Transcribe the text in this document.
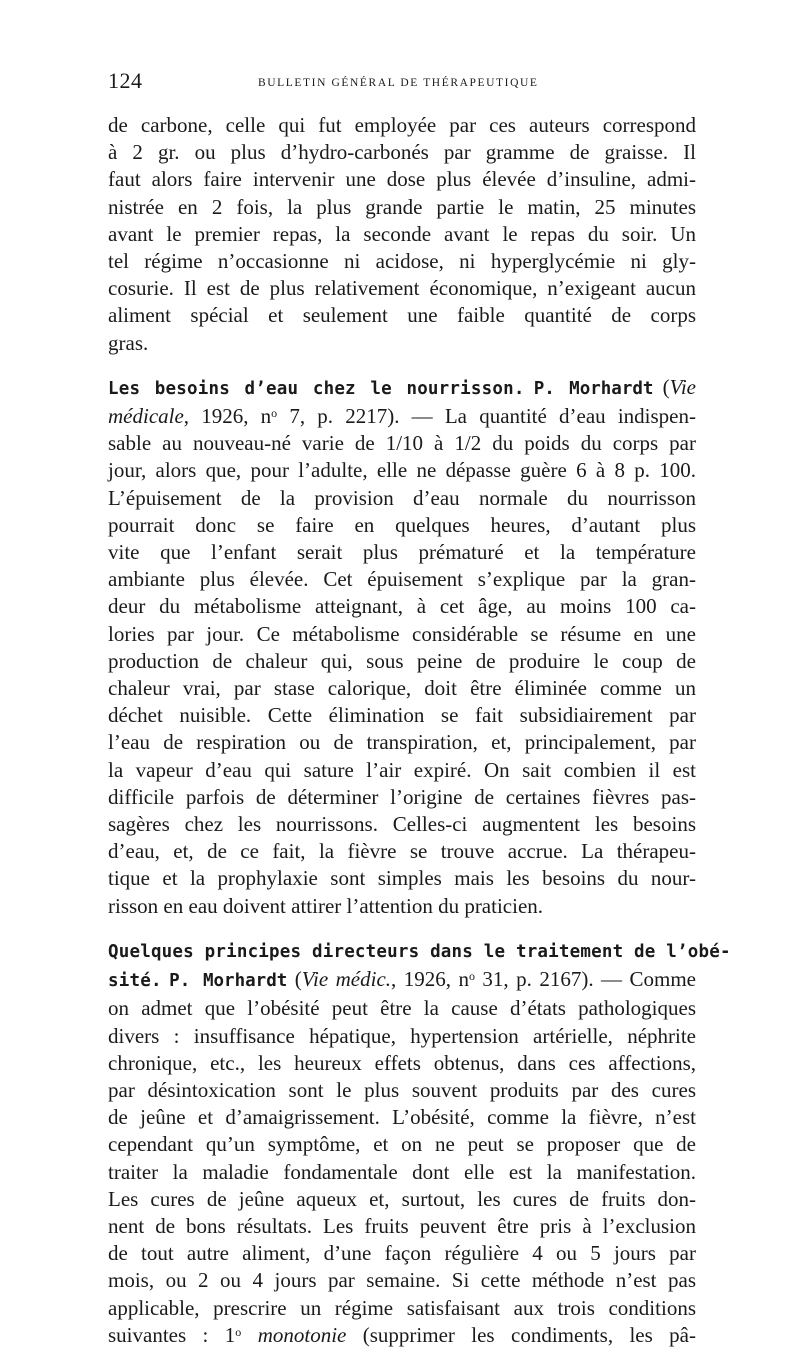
124	BULLETIN GÉNÉRAL DE THÉRAPEUTIQUE

de carbone, celle qui fut employée par ces auteurs correspond
à 2 gr. ou plus d’hydro-carbonés par gramme de graisse. Il
faut alors faire intervenir une dose plus élevée d’insuline, admi-
nistrée en 2 fois, la plus grande partie le matin, 25 minutes
avant le premier repas, la seconde avant le repas du soir. Un
tel régime n’occasionne ni acidose, ni hyperglycémie ni gly-
cosurie. Il est de plus relativement économique, n’exigeant aucun
aliment spécial et seulement une faible quantité de corps
gras.

Les besoins d’eau chez le nourrisson. P. Morhardt (Vie
médicale, 1926, $n^o$ 7, p. 2217). — La quantité d’eau indispen-
sable au nouveau-né varie de 1/10 à 1/2 du poids du corps par
jour, alors que, pour l’adulte, elle ne dépasse guère 6 à 8 p. 100.
L’épuisement de la provision d’eau normale du nourrisson
pourrait donc se faire en quelques heures, d’autant plus
vite que l’enfant serait plus prématuré et la température
ambiante plus élevée. Cet épuisement s’explique par la gran-
deur du métabolisme atteignant, à cet âge, au moins 100 ca-
lories par jour. Ce métabolisme considérable se résume en une
production de chaleur qui, sous peine de produire le coup de
chaleur vrai, par stase calorique, doit être éliminée comme un
déchet nuisible. Cette élimination se fait subsidiairement par
l’eau de respiration ou de transpiration, et, principalement, par
la vapeur d’eau qui sature l’air expiré. On sait combien il est
difficile parfois de déterminer l’origine de certaines fièvres pas-
sagères chez les nourrissons. Celles-ci augmentent les besoins
d’eau, et, de ce fait, la fièvre se trouve accrue. La thérapeu-
tique et la prophylaxie sont simples mais les besoins du nour-
risson en eau doivent attirer l’attention du praticien.

Quelques principes directeurs dans le traitement de l’obé-
sité. P. Morhardt (Vie médic., 1926, $n^o$ 31, p. 2167). — Comme
on admet que l’obésité peut être la cause d’états pathologiques
divers : insuffisance hépatique, hypertension artérielle, néphrite
chronique, etc., les heureux effets obtenus, dans ces affections,
par désintoxication sont le plus souvent produits par des cures
de jeûne et d’amaigrissement. L’obésité, comme la fièvre, n’est
cependant qu’un symptôme, et on ne peut se proposer que de
traiter la maladie fondamentale dont elle est la manifestation.
Les cures de jeûne aqueux et, surtout, les cures de fruits don-
nent de bons résultats. Les fruits peuvent être pris à l’exclusion
de tout autre aliment, d’une façon régulière 4 ou 5 jours par
mois, ou 2 ou 4 jours par semaine. Si cette méthode n’est pas
applicable, prescrire un régime satisfaisant aux trois conditions
suivantes : 1$^o$ monotonie (supprimer les condiments, les pâ-
